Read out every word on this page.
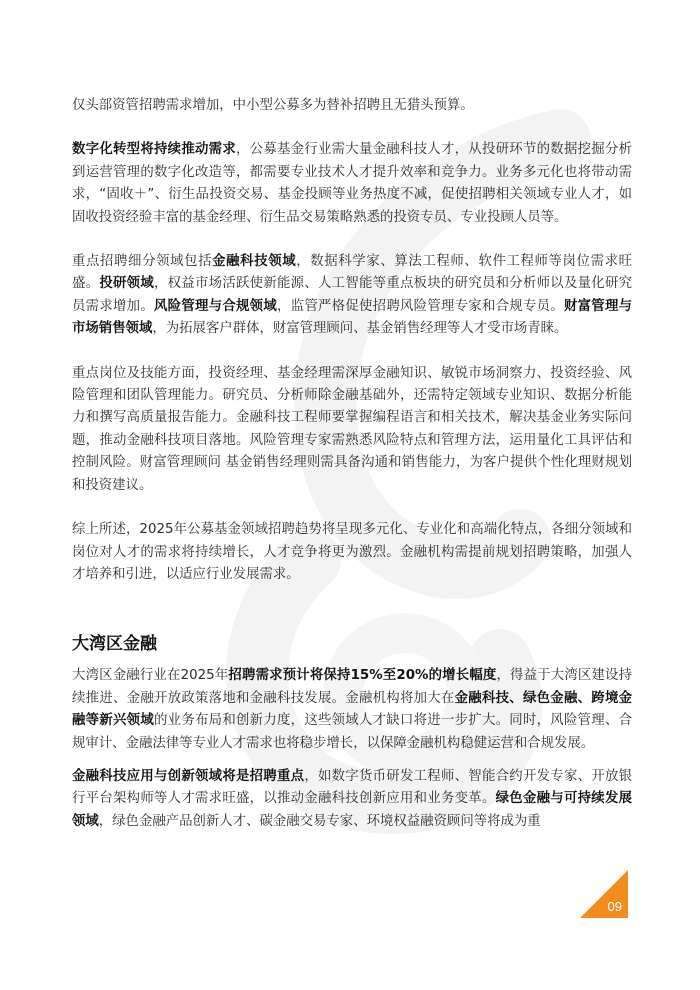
仅头部资管招聘需求增加，中小型公募多为替补招聘且无猎头预算。

数字化转型将持续推动需求，公募基金行业需大量金融科技人才，从投研环节的数据挖掘分析到运营管理的数字化改造等，都需要专业技术人才提升效率和竞争力。业务多元化也将带动需求，“固收＋”、衍生品投资交易、基金投顾等业务热度不减，促使招聘相关领域专业人才，如固收投资经验丰富的基金经理、衍生品交易策略熟悉的投资专员、专业投顾人员等。

重点招聘细分领域包括金融科技领域，数据科学家、算法工程师、软件工程师等岗位需求旺盛。投研领域，权益市场活跃使新能源、人工智能等重点板块的研究员和分析师以及量化研究员需求增加。风险管理与合规领域，监管严格促使招聘风险管理专家和合规专员。财富管理与市场销售领域，为拓展客户群体，财富管理顾问、基金销售经理等人才受市场青睐。

重点岗位及技能方面，投资经理、基金经理需深厚金融知识、敏锐市场洞察力、投资经验、风险管理和团队管理能力。研究员、分析师除金融基础外，还需特定领域专业知识、数据分析能力和撰写高质量报告能力。金融科技工程师要掌握编程语言和相关技术，解决基金业务实际问题，推动金融科技项目落地。风险管理专家需熟悉风险特点和管理方法，运用量化工具评估和控制风险。财富管理顾问 基金销售经理则需具备沟通和销售能力，为客户提供个性化理财规划和投资建议。

综上所述，2025年公募基金领域招聘趋势将呈现多元化、专业化和高端化特点，各细分领域和岗位对人才的需求将持续增长，人才竞争将更为激烈。金融机构需提前规划招聘策略，加强人才培养和引进，以适应行业发展需求。

大湾区金融

大湾区金融行业在2025年招聘需求预计将保持15%至20%的增长幅度，得益于大湾区建设持续推进、金融开放政策落地和金融科技发展。金融机构将加大在金融科技、绿色金融、跨境金融等新兴领域的业务布局和创新力度，这些领域人才缺口将进一步扩大。同时，风险管理、合规审计、金融法律等专业人才需求也将稳步增长，以保障金融机构稳健运营和合规发展。

金融科技应用与创新领域将是招聘重点，如数字货币研发工程师、智能合约开发专家、开放银行平台架构师等人才需求旺盛，以推动金融科技创新应用和业务变革。绿色金融与可持续发展领域，绿色金融产品创新人才、碳金融交易专家、环境权益融资顾问等将成为重

09
